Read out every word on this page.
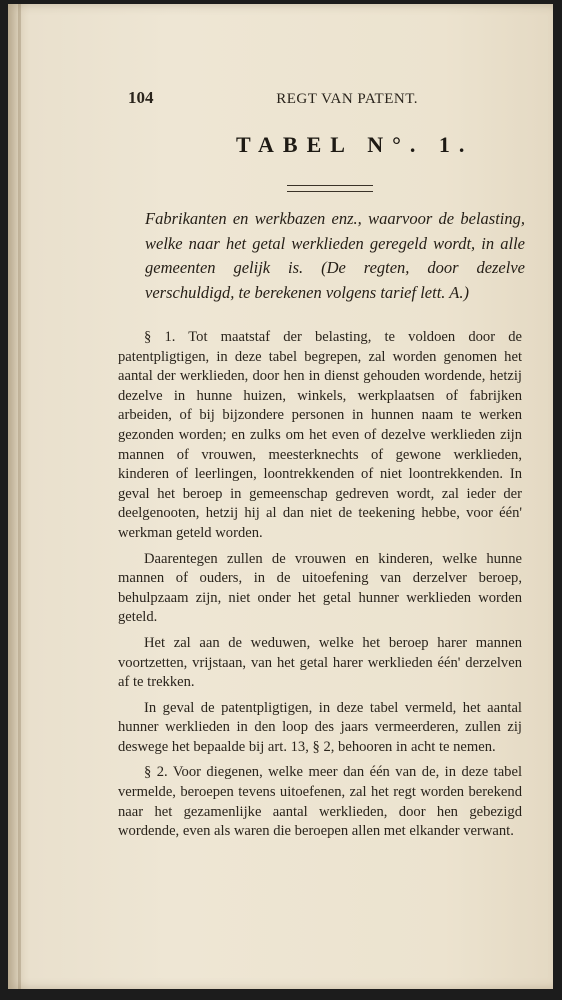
104	REGT VAN PATENT.
TABEL N°. 1.
Fabrikanten en werkbazen enz., waarvoor de belasting, welke naar het getal werklieden geregeld wordt, in alle gemeenten gelijk is. (De regten, door dezelve verschuldigd, te berekenen volgens tarief lett. A.)

§ 1. Tot maatstaf der belasting, te voldoen door de patentpligtigen, in deze tabel begrepen, zal worden genomen het aantal der werklieden, door hen in dienst gehouden wordende, hetzij dezelve in hunne huizen, winkels, werkplaatsen of fabrijken arbeiden, of bij bijzondere personen in hunnen naam te werken gezonden worden; en zulks om het even of dezelve werklieden zijn mannen of vrouwen, meesterknechts of gewone werklieden, kinderen of leerlingen, loontrekkenden of niet loontrekkenden. In geval het beroep in gemeenschap gedreven wordt, zal ieder der deelgenooten, hetzij hij al dan niet de teekening hebbe, voor één' werkman geteld worden.

Daarentegen zullen de vrouwen en kinderen, welke hunne mannen of ouders, in de uitoefening van derzelver beroep, behulpzaam zijn, niet onder het getal hunner werklieden worden geteld.

Het zal aan de weduwen, welke het beroep harer mannen voortzetten, vrijstaan, van het getal harer werklieden één' derzelven af te trekken.

In geval de patentpligtigen, in deze tabel vermeld, het aantal hunner werklieden in den loop des jaars vermeerderen, zullen zij deswege het bepaalde bij art. 13, § 2, behooren in acht te nemen.

§ 2. Voor diegenen, welke meer dan één van de, in deze tabel vermelde, beroepen tevens uitoefenen, zal het regt worden berekend naar het gezamenlijke aantal werklieden, door hen gebezigd wordende, even als waren die beroepen allen met elkander verwant.
